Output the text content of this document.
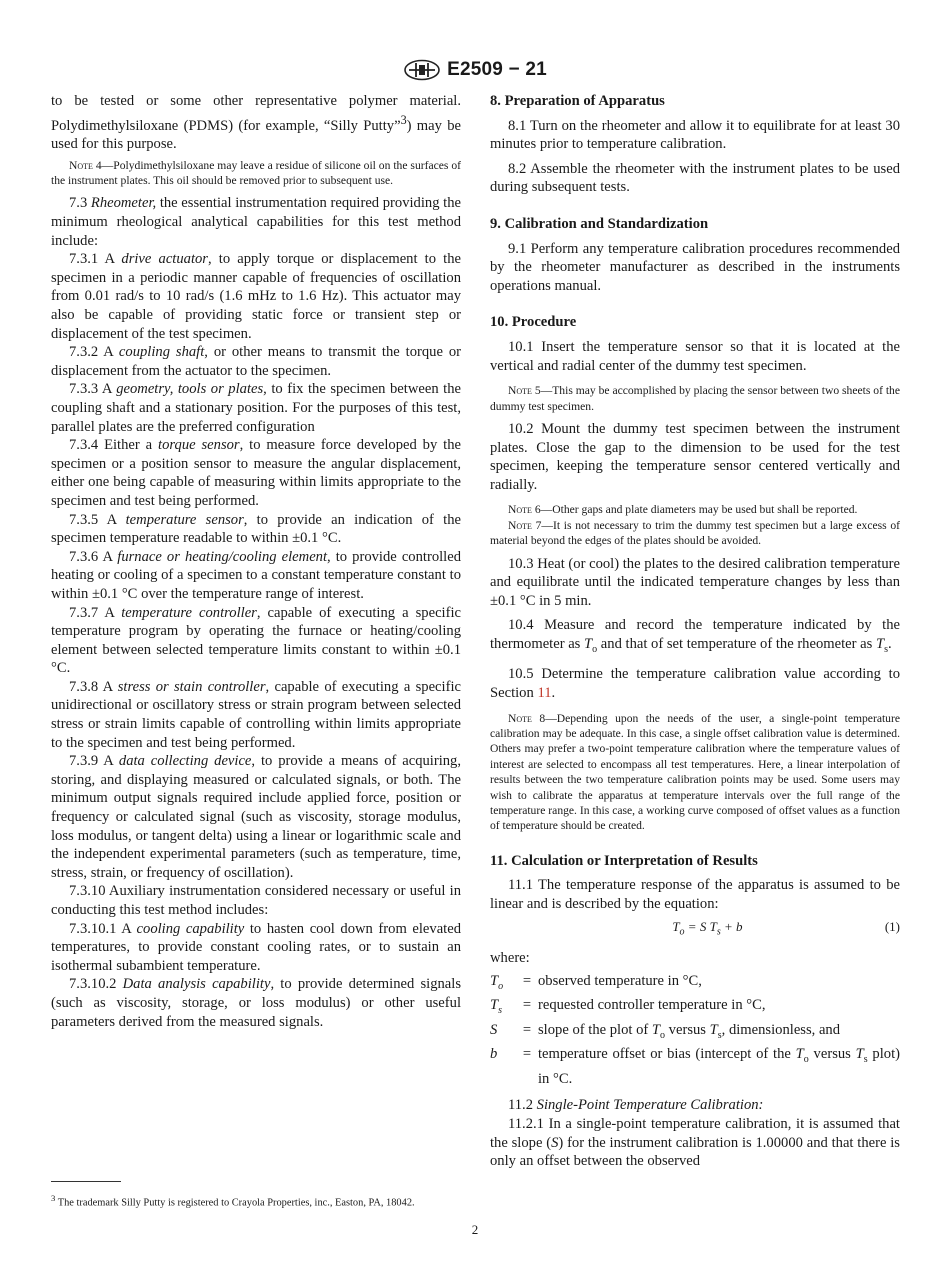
E2509 − 21

to be tested or some other representative polymer material. Polydimethylsiloxane (PDMS) (for example, “Silly Putty”$^3$) may be used for this purpose.

Note 4—Polydimethylsiloxane may leave a residue of silicone oil on the surfaces of the instrument plates. This oil should be removed prior to subsequent use.

7.3 Rheometer, the essential instrumentation required providing the minimum rheological analytical capabilities for this test method include:

7.3.1 A drive actuator, to apply torque or displacement to the specimen in a periodic manner capable of frequencies of oscillation from 0.01 rad/s to 10 rad/s (1.6 mHz to 1.6 Hz). This actuator may also be capable of providing static force or transient step or displacement of the test specimen.

7.3.2 A coupling shaft, or other means to transmit the torque or displacement from the actuator to the specimen.

7.3.3 A geometry, tools or plates, to fix the specimen between the coupling shaft and a stationary position. For the purposes of this test, parallel plates are the preferred configuration

7.3.4 Either a torque sensor, to measure force developed by the specimen or a position sensor to measure the angular displacement, either one being capable of measuring within limits appropriate to the specimen and test being performed.

7.3.5 A temperature sensor, to provide an indication of the specimen temperature readable to within ±0.1 °C.

7.3.6 A furnace or heating/cooling element, to provide controlled heating or cooling of a specimen to a constant temperature constant to within ±0.1 °C over the temperature range of interest.

7.3.7 A temperature controller, capable of executing a specific temperature program by operating the furnace or heating/cooling element between selected temperature limits constant to within ±0.1 °C.

7.3.8 A stress or stain controller, capable of executing a specific unidirectional or oscillatory stress or strain program between selected stress or strain limits capable of controlling within limits appropriate to the specimen and test being performed.

7.3.9 A data collecting device, to provide a means of acquiring, storing, and displaying measured or calculated signals, or both. The minimum output signals required include applied force, position or frequency or calculated signal (such as viscosity, storage modulus, loss modulus, or tangent delta) using a linear or logarithmic scale and the independent experimental parameters (such as temperature, time, stress, strain, or frequency of oscillation).

7.3.10 Auxiliary instrumentation considered necessary or useful in conducting this test method includes:

7.3.10.1 A cooling capability to hasten cool down from elevated temperatures, to provide constant cooling rates, or to sustain an isothermal subambient temperature.

7.3.10.2 Data analysis capability, to provide determined signals (such as viscosity, storage, or loss modulus) or other useful parameters derived from the measured signals.

8. Preparation of Apparatus

8.1 Turn on the rheometer and allow it to equilibrate for at least 30 minutes prior to temperature calibration.

8.2 Assemble the rheometer with the instrument plates to be used during subsequent tests.

9. Calibration and Standardization

9.1 Perform any temperature calibration procedures recommended by the rheometer manufacturer as described in the instruments operations manual.

10. Procedure

10.1 Insert the temperature sensor so that it is located at the vertical and radial center of the dummy test specimen.

Note 5—This may be accomplished by placing the sensor between two sheets of the dummy test specimen.

10.2 Mount the dummy test specimen between the instrument plates. Close the gap to the dimension to be used for the test specimen, keeping the temperature sensor centered vertically and radially.

Note 6—Other gaps and plate diameters may be used but shall be reported.

Note 7—It is not necessary to trim the dummy test specimen but a large excess of material beyond the edges of the plates should be avoided.

10.3 Heat (or cool) the plates to the desired calibration temperature and equilibrate until the indicated temperature changes by less than ±0.1 °C in 5 min.

10.4 Measure and record the temperature indicated by the thermometer as $T_o$ and that of set temperature of the rheometer as $T_s$.

10.5 Determine the temperature calibration value according to Section 11.

Note 8—Depending upon the needs of the user, a single-point temperature calibration may be adequate. In this case, a single offset calibration value is determined. Others may prefer a two-point temperature calibration where the temperature values of interest are selected to encompass all test temperatures. Here, a linear interpolation of results between the two temperature calibration points may be used. Some users may wish to calibrate the apparatus at temperature intervals over the full range of the temperature range. In this case, a working curve composed of offset values as a function of temperature should be created.

11. Calculation or Interpretation of Results

11.1 The temperature response of the apparatus is assumed to be linear and is described by the equation:

$T_o = S$ $T_s + b$	(1)

where:

$T_o$	=	observed temperature in °C,
$T_s$	=	requested controller temperature in °C,
S	=	slope of the plot of $T_o$ versus $T_s$, dimensionless, and
b	=	temperature offset or bias (intercept of the $T_o$ versus $T_s$ plot) in °C.

11.2 Single-Point Temperature Calibration:

11.2.1 In a single-point temperature calibration, it is assumed that the slope (S) for the instrument calibration is 1.00000 and that there is only an offset between the observed

$^3$ The trademark Silly Putty is registered to Crayola Properties, inc., Easton, PA, 18042.
2
